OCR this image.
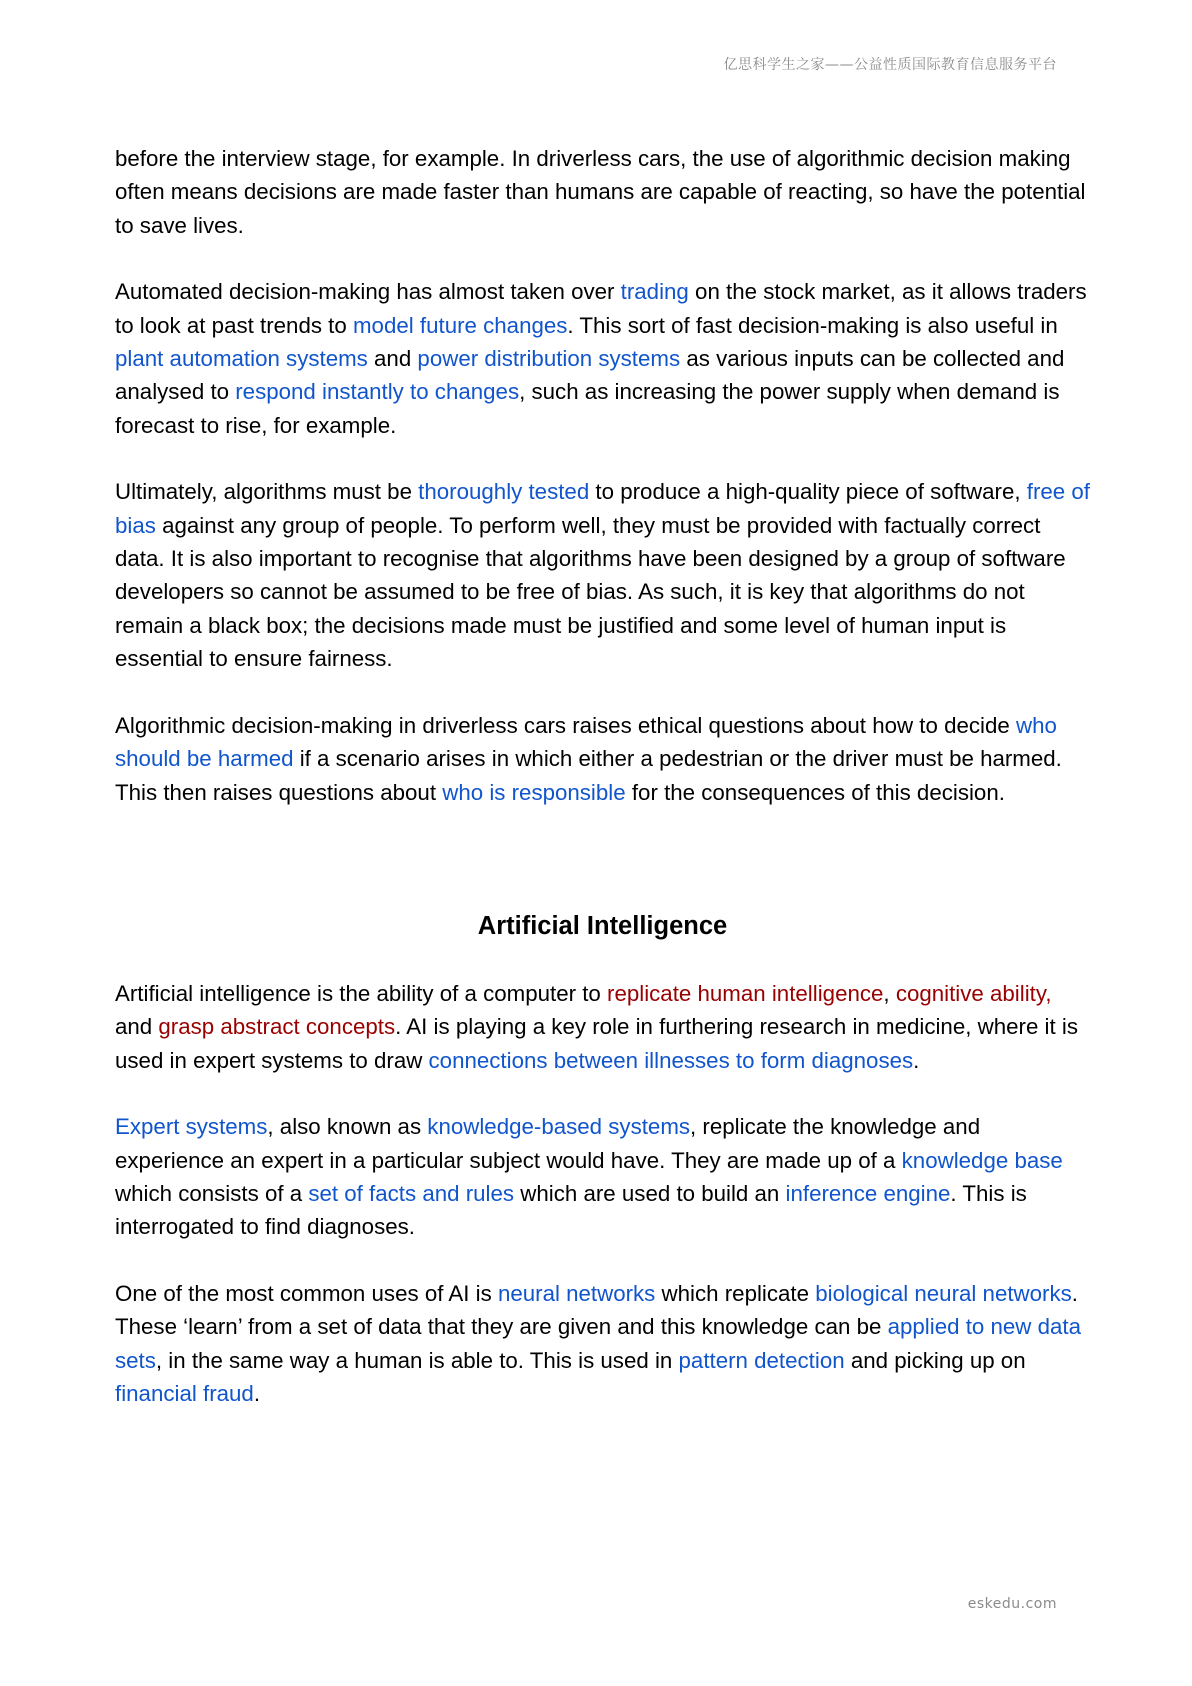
亿思科学生之家——公益性质国际教育信息服务平台

before the interview stage, for example. In driverless cars, the use of algorithmic decision making often means decisions are made faster than humans are capable of reacting, so have the potential to save lives.

Automated decision-making has almost taken over trading on the stock market, as it allows traders to look at past trends to model future changes. This sort of fast decision-making is also useful in plant automation systems and power distribution systems as various inputs can be collected and analysed to respond instantly to changes, such as increasing the power supply when demand is forecast to rise, for example.

Ultimately, algorithms must be thoroughly tested to produce a high-quality piece of software, free of bias against any group of people. To perform well, they must be provided with factually correct data. It is also important to recognise that algorithms have been designed by a group of software developers so cannot be assumed to be free of bias. As such, it is key that algorithms do not remain a black box; the decisions made must be justified and some level of human input is essential to ensure fairness.

Algorithmic decision-making in driverless cars raises ethical questions about how to decide who should be harmed if a scenario arises in which either a pedestrian or the driver must be harmed. This then raises questions about who is responsible for the consequences of this decision.

Artificial Intelligence

Artificial intelligence is the ability of a computer to replicate human intelligence, cognitive ability, and grasp abstract concepts. AI is playing a key role in furthering research in medicine, where it is used in expert systems to draw connections between illnesses to form diagnoses.

Expert systems, also known as knowledge-based systems, replicate the knowledge and experience an expert in a particular subject would have. They are made up of a knowledge base which consists of a set of facts and rules which are used to build an inference engine. This is interrogated to find diagnoses.

One of the most common uses of AI is neural networks which replicate biological neural networks. These ‘learn’ from a set of data that they are given and this knowledge can be applied to new data sets, in the same way a human is able to. This is used in pattern detection and picking up on financial fraud.

eskedu.com
